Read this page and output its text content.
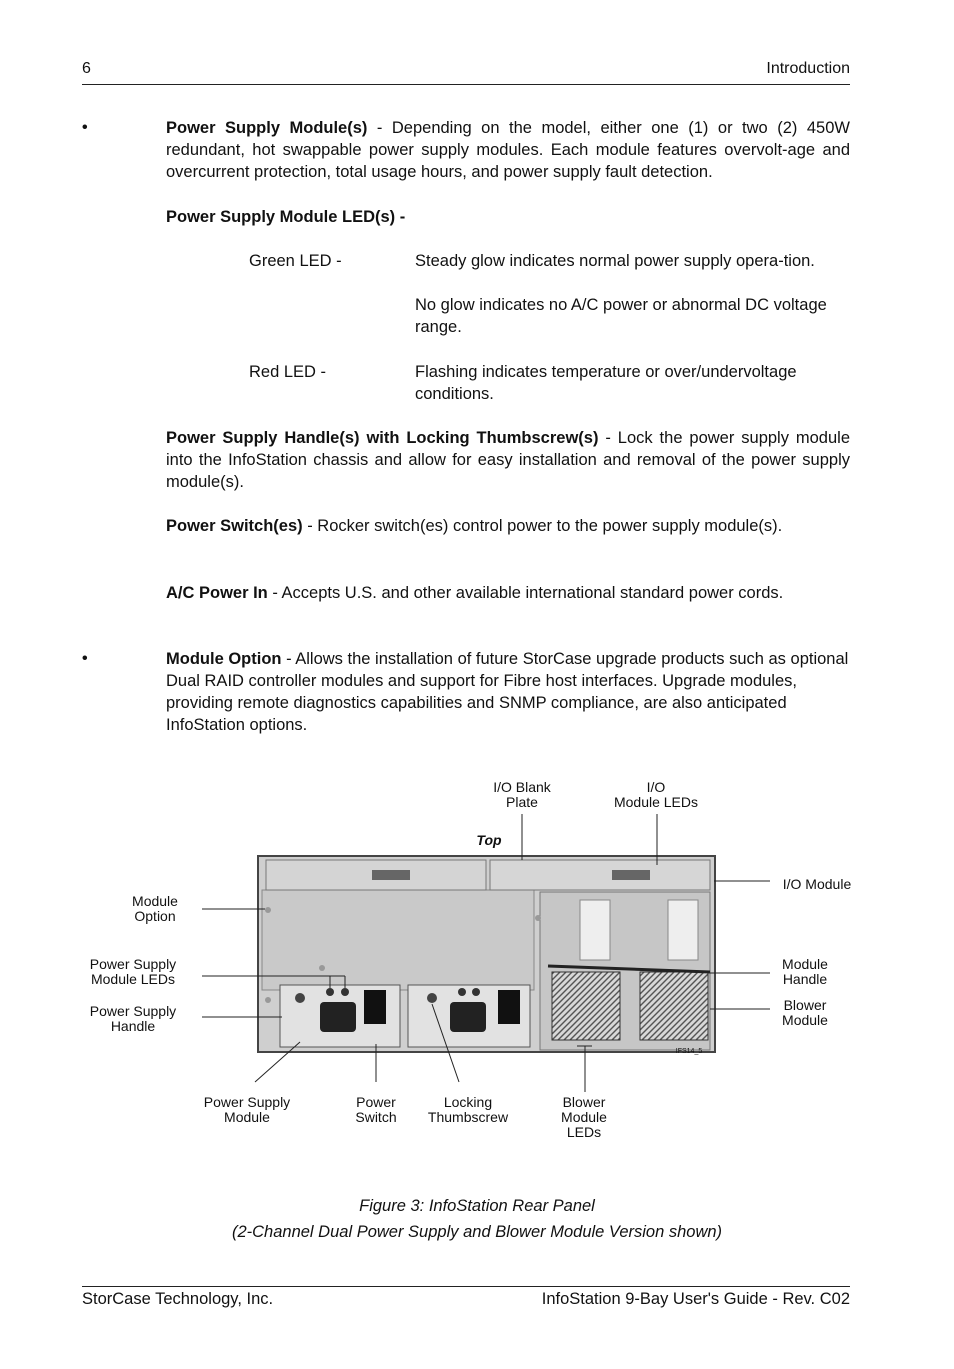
6	Introduction
•	Power Supply Module(s) - Depending on the model, either one (1) or two (2) 450W redundant, hot swappable power supply modules. Each module features overvolt-age and overcurrent protection, total usage hours, and power supply fault detection.
Power Supply Module LED(s) -
Green LED -	Steady glow indicates normal power supply opera-tion.
No glow indicates no A/C power or abnormal DC voltage range.
Red LED -	Flashing indicates temperature or over/undervoltage conditions.
Power Supply Handle(s) with Locking Thumbscrew(s) - Lock the power supply module into the InfoStation chassis and allow for easy installation and removal of the power supply module(s).
Power Switch(es) - Rocker switch(es) control power to the power supply module(s).
A/C Power In - Accepts U.S. and other available international standard power cords.
•	Module Option - Allows the installation of future StorCase upgrade products such as optional Dual RAID controller modules and support for Fibre host interfaces. Upgrade modules, providing remote diagnostics capabilities and SNMP compliance, are also anticipated InfoStation options.
I/O Blank
Plate
I/O
Module LEDs
Top
I/O Module
Module
Option
Power Supply
Module LEDs
Power Supply
Handle
Module
Handle
Blower
Module
Power Supply
Module
Power
Switch
Locking
Thumbscrew
Blower
Module
LEDs
IFS14_5
Figure 3: InfoStation Rear Panel
(2-Channel Dual Power Supply and Blower Module Version shown)
StorCase Technology, Inc.	InfoStation 9-Bay User's Guide - Rev. C02
